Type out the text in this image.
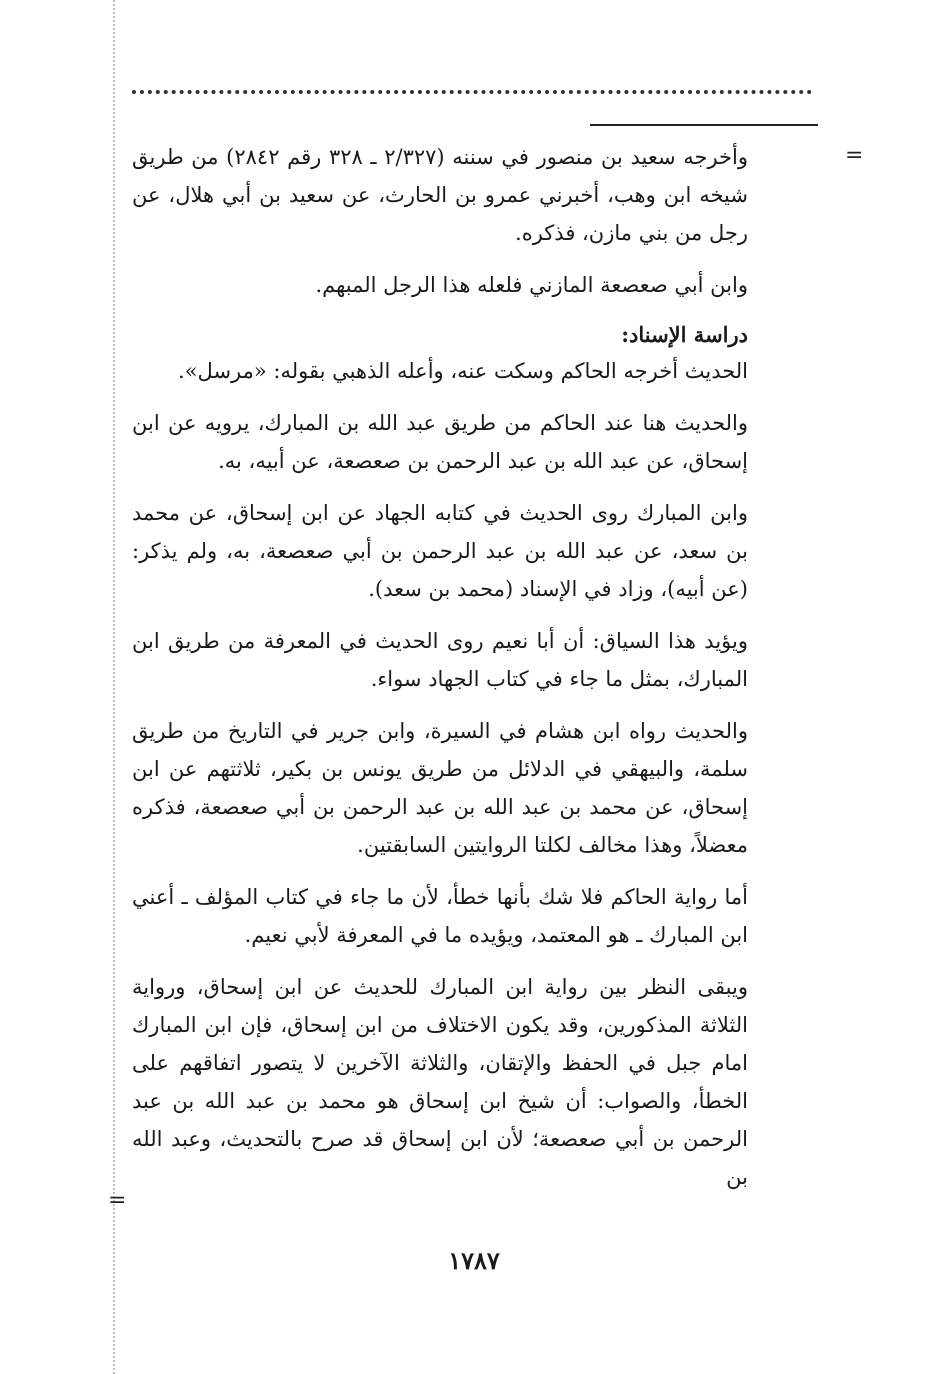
=
=

وأخرجه سعيد بن منصور في سننه (٢/٣٢٧ ـ ٣٢٨ رقم ٢٨٤٢) من طريق شيخه ابن وهب، أخبرني عمرو بن الحارث، عن سعيد بن أبي هلال، عن رجل من بني مازن، فذكره.

وابن أبي صعصعة المازني فلعله هذا الرجل المبهم.

دراسة الإسناد:

الحديث أخرجه الحاكم وسكت عنه، وأعله الذهبي بقوله: «مرسل».

والحديث هنا عند الحاكم من طريق عبد الله بن المبارك، يرويه عن ابن إسحاق، عن عبد الله بن عبد الرحمن بن صعصعة، عن أبيه، به.

وابن المبارك روى الحديث في كتابه الجهاد عن ابن إسحاق، عن محمد بن سعد، عن عبد الله بن عبد الرحمن بن أبي صعصعة، به، ولم يذكر: (عن أبيه)، وزاد في الإسناد (محمد بن سعد).

ويؤيد هذا السياق: أن أبا نعيم روى الحديث في المعرفة من طريق ابن المبارك، بمثل ما جاء في كتاب الجهاد سواء.

والحديث رواه ابن هشام في السيرة، وابن جرير في التاريخ من طريق سلمة، والبيهقي في الدلائل من طريق يونس بن بكير، ثلاثتهم عن ابن إسحاق، عن محمد بن عبد الله بن عبد الرحمن بن أبي صعصعة، فذكره معضلاً، وهذا مخالف لكلتا الروايتين السابقتين.

أما رواية الحاكم فلا شك بأنها خطأ، لأن ما جاء في كتاب المؤلف ـ أعني ابن المبارك ـ هو المعتمد، ويؤيده ما في المعرفة لأبي نعيم.

ويبقى النظر بين رواية ابن المبارك للحديث عن ابن إسحاق، ورواية الثلاثة المذكورين، وقد يكون الاختلاف من ابن إسحاق، فإن ابن المبارك امام جبل في الحفظ والإتقان، والثلاثة الآخرين لا يتصور اتفاقهم على الخطأ، والصواب: أن شيخ ابن إسحاق هو محمد بن عبد الله بن عبد الرحمن بن أبي صعصعة؛ لأن ابن إسحاق قد صرح بالتحديث، وعبد الله بن

١٧٨٧
